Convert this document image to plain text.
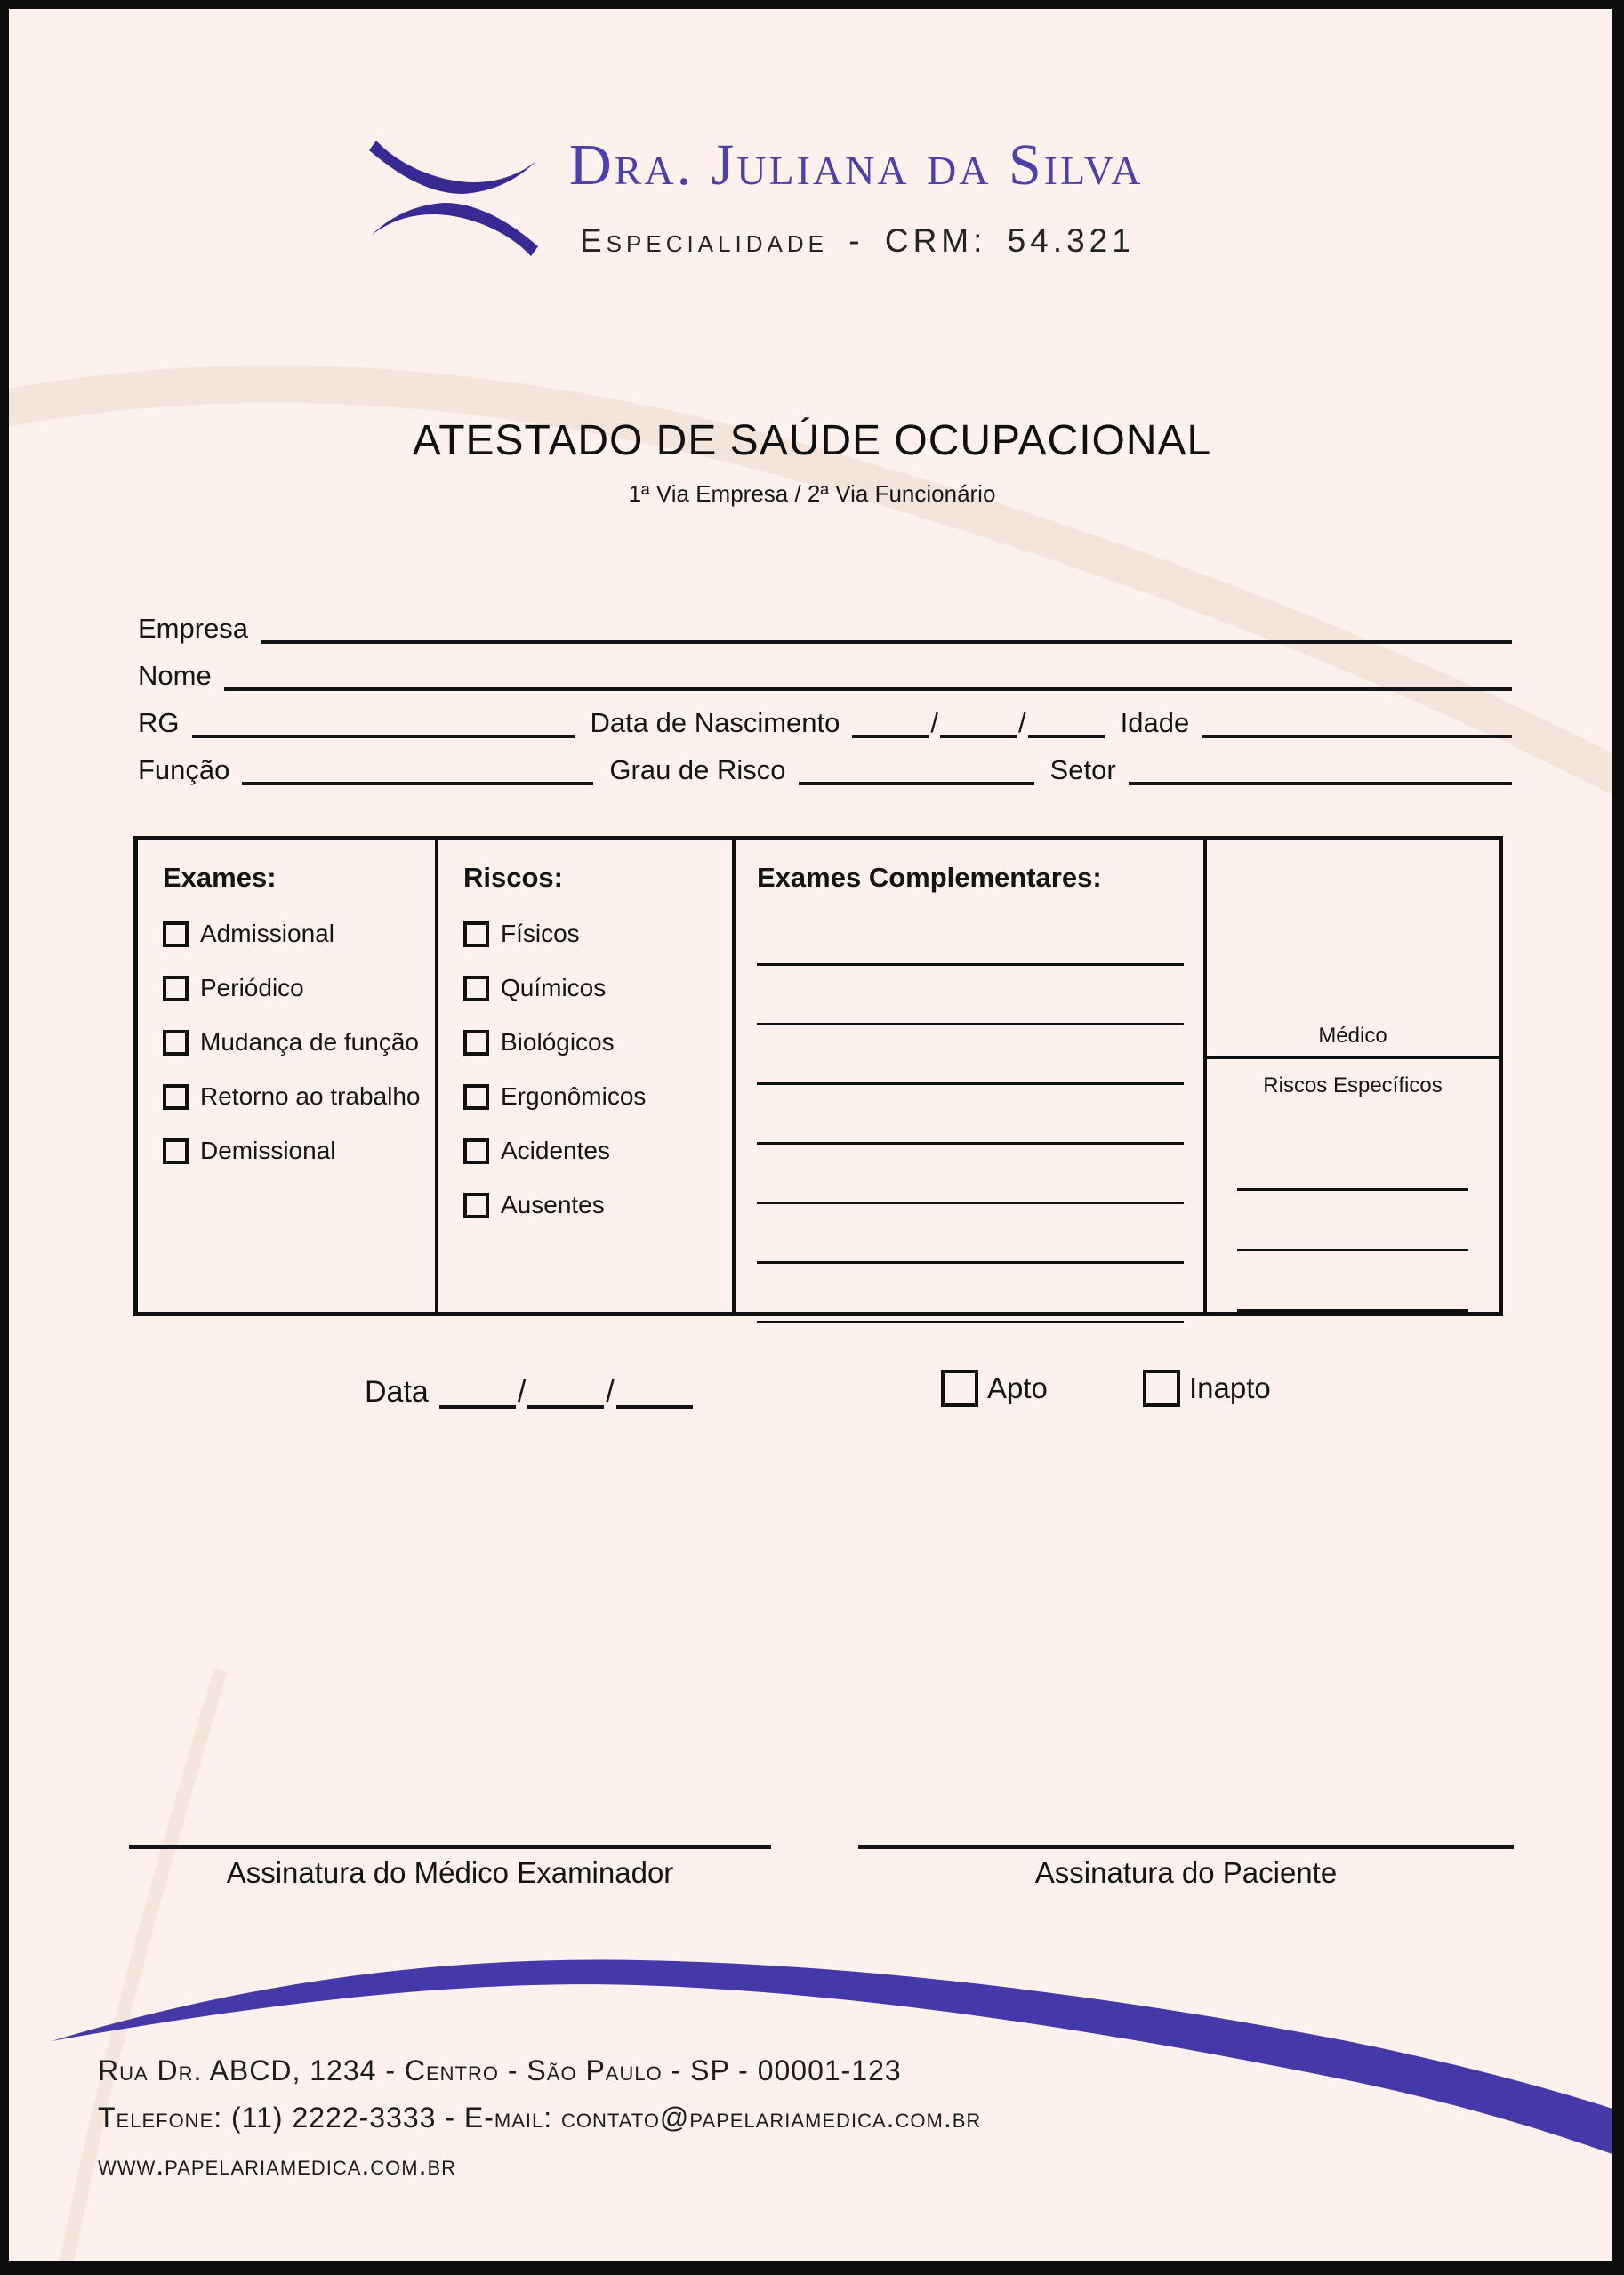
Dra. Juliana da Silva
Especialidade - CRM: 54.321
ATESTADO DE SAÚDE OCUPACIONAL
1ª Via Empresa / 2ª Via Funcionário
Empresa
Nome
RG	Data de Nascimento	/	/	Idade
Função	Grau de Risco	Setor
Exames:
Admissional
Periódico
Mudança de função
Retorno ao trabalho
Demissional
Riscos:
Físicos
Químicos
Biológicos
Ergonômicos
Acidentes
Ausentes
Exames Complementares:
Médico
Riscos Específicos
Data	/	/	Apto	Inapto
Assinatura do Médico Examinador	Assinatura do Paciente
Rua Dr. ABCD, 1234 - Centro - São Paulo - SP - 00001-123
Telefone: (11) 2222-3333 - E-mail: contato@papelariamedica.com.br
www.papelariamedica.com.br
